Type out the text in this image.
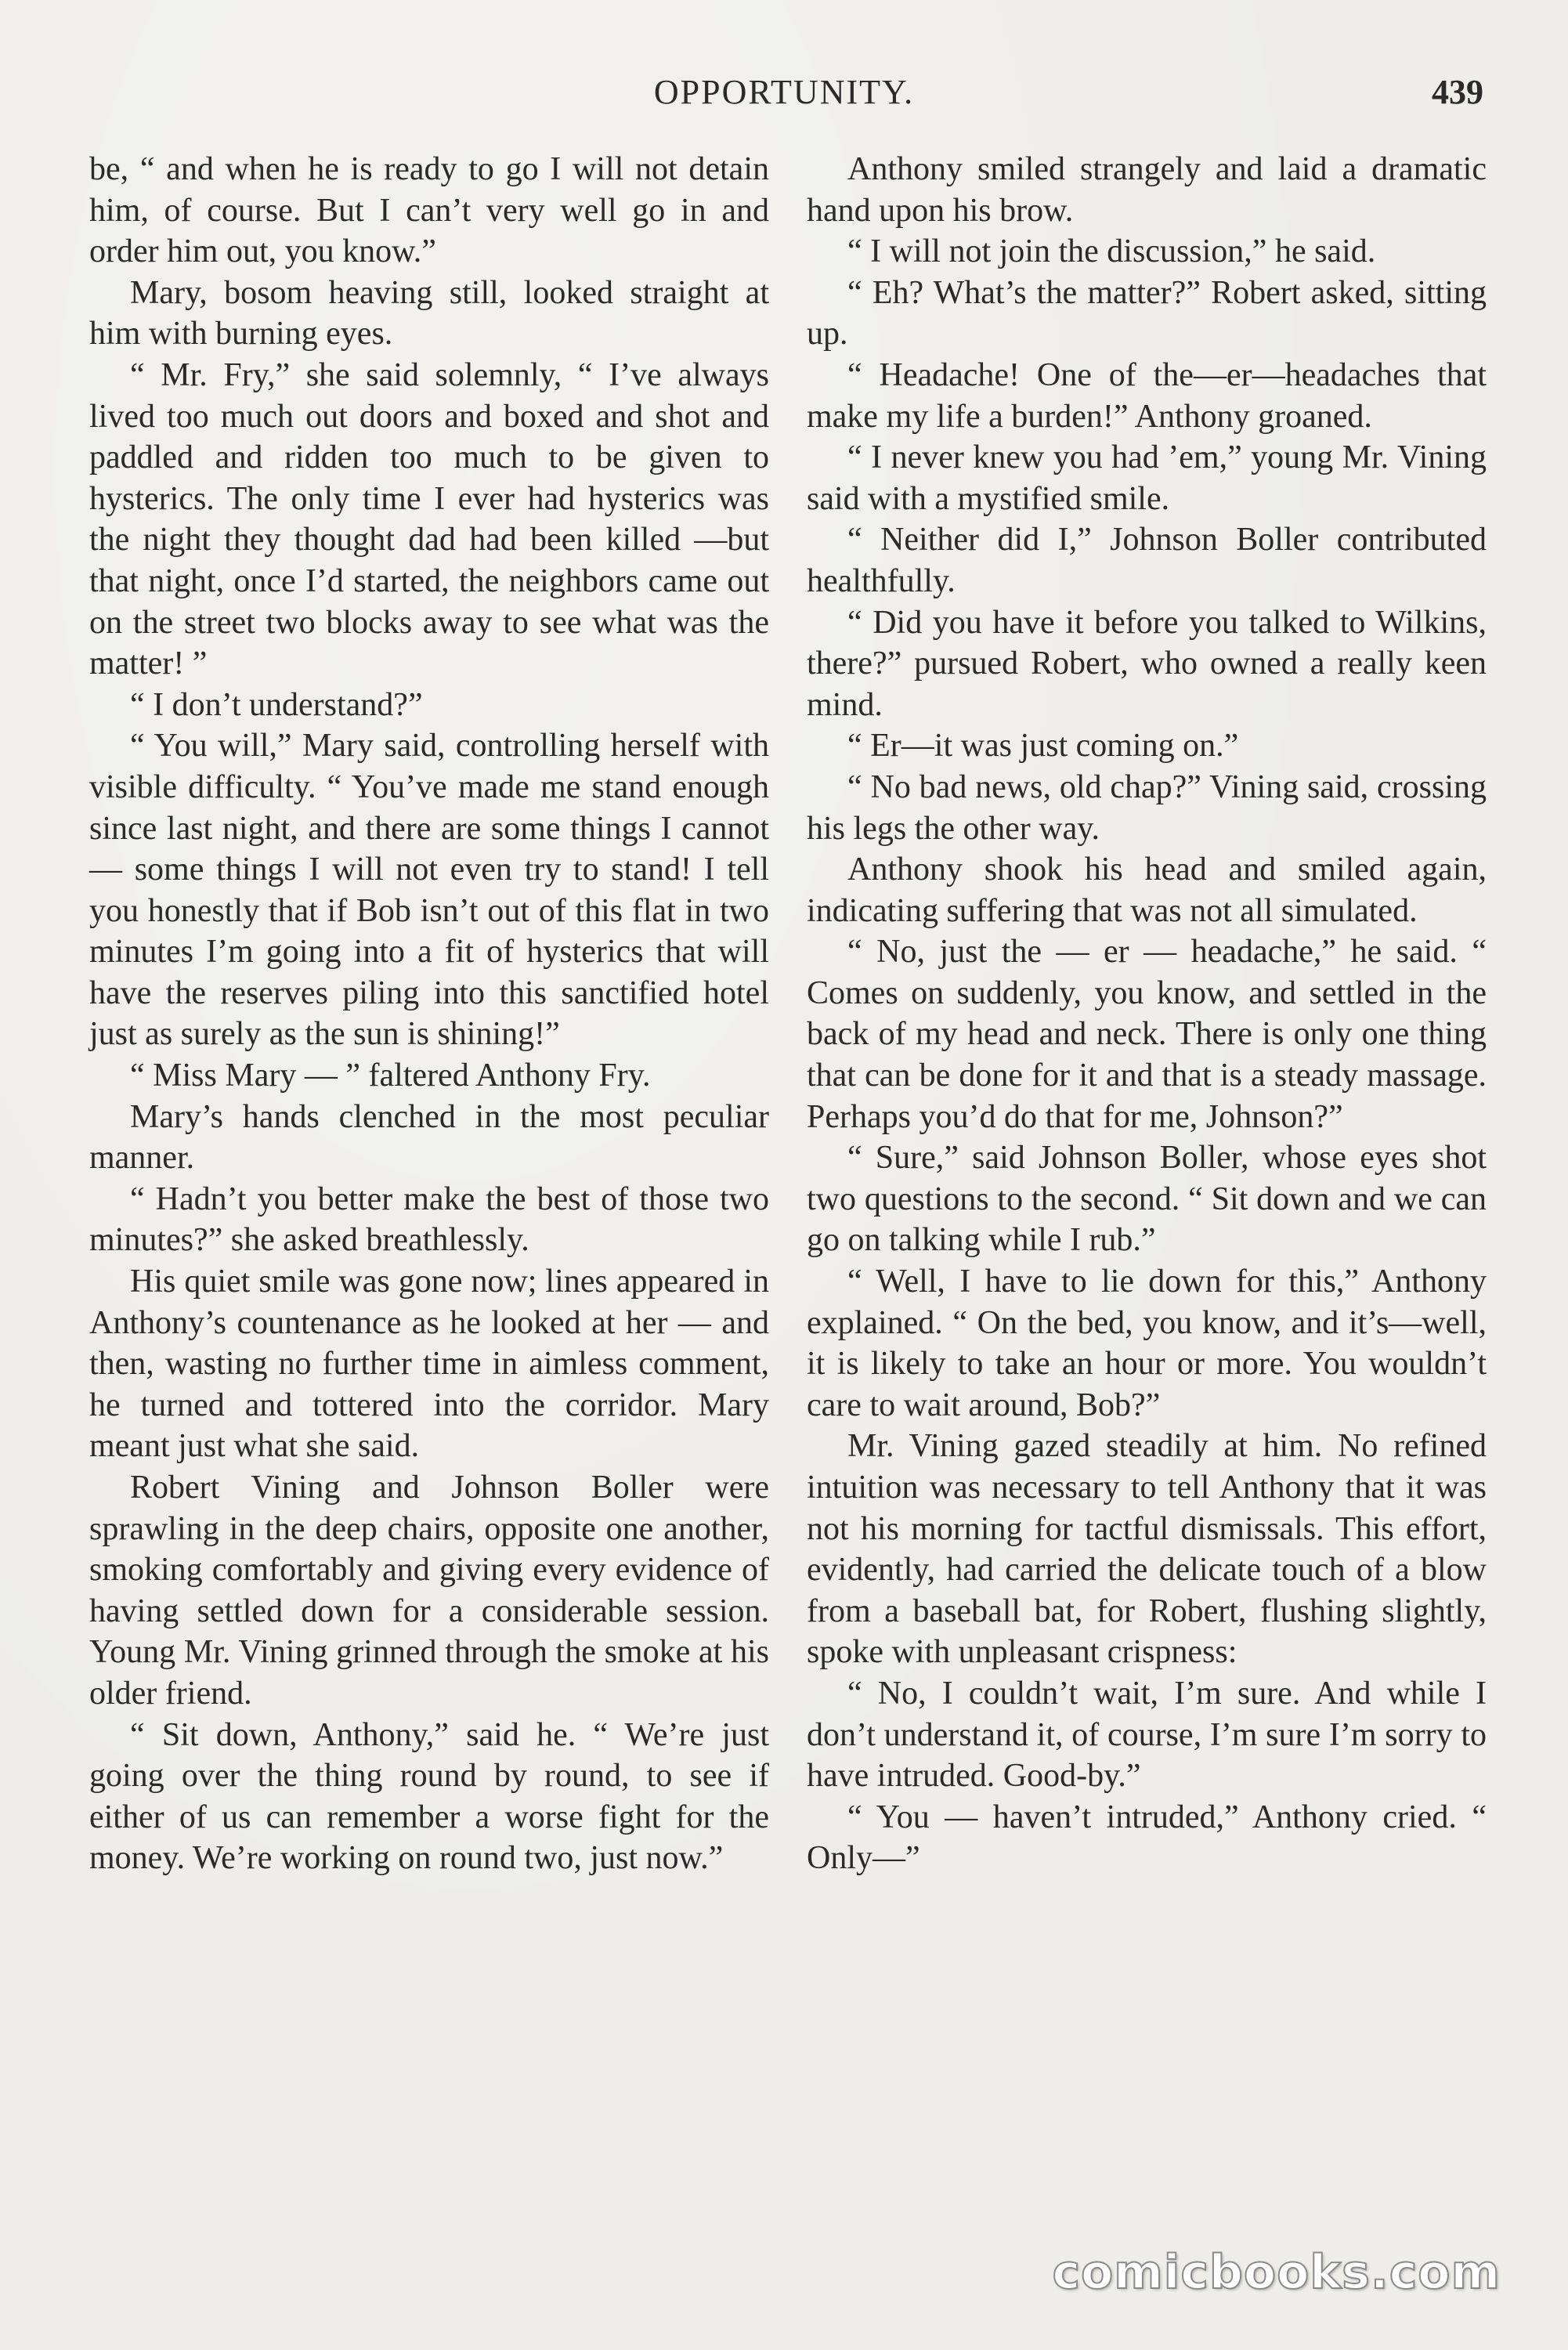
OPPORTUNITY.	439

be, “ and when he is ready to go I will not detain him, of course. But I can’t very well go in and order him out, you know.”

Mary, bosom heaving still, looked straight at him with burning eyes.

“ Mr. Fry,” she said solemnly, “ I’ve always lived too much out doors and boxed and shot and paddled and ridden too much to be given to hysterics. The only time I ever had hysterics was the night they thought dad had been killed —but that night, once I’d started, the neighbors came out on the street two blocks away to see what was the matter! ”

“ I don’t understand?”

“ You will,” Mary said, controlling herself with visible difficulty. “ You’ve made me stand enough since last night, and there are some things I cannot— some things I will not even try to stand! I tell you honestly that if Bob isn’t out of this flat in two minutes I’m going into a fit of hysterics that will have the reserves piling into this sanctified hotel just as surely as the sun is shining!”

“ Miss Mary — ” faltered Anthony Fry.

Mary’s hands clenched in the most peculiar manner.

“ Hadn’t you better make the best of those two minutes?” she asked breathlessly.

His quiet smile was gone now; lines appeared in Anthony’s countenance as he looked at her — and then, wasting no further time in aimless comment, he turned and tottered into the corridor. Mary meant just what she said.

Robert Vining and Johnson Boller were sprawling in the deep chairs, opposite one another, smoking comfortably and giving every evidence of having settled down for a considerable session. Young Mr. Vining grinned through the smoke at his older friend.

“ Sit down, Anthony,” said he. “ We’re just going over the thing round by round, to see if either of us can remember a worse fight for the money. We’re working on round two, just now.”

Anthony smiled strangely and laid a dramatic hand upon his brow.

“ I will not join the discussion,” he said.

“ Eh? What’s the matter?” Robert asked, sitting up.

“ Headache! One of the—er—headaches that make my life a burden!” Anthony groaned.

“ I never knew you had ’em,” young Mr. Vining said with a mystified smile.

“ Neither did I,” Johnson Boller contributed healthfully.

“ Did you have it before you talked to Wilkins, there?” pursued Robert, who owned a really keen mind.

“ Er—it was just coming on.”

“ No bad news, old chap?” Vining said, crossing his legs the other way.

Anthony shook his head and smiled again, indicating suffering that was not all simulated.

“ No, just the — er — headache,” he said. “ Comes on suddenly, you know, and settled in the back of my head and neck. There is only one thing that can be done for it and that is a steady massage. Perhaps you’d do that for me, Johnson?”

“ Sure,” said Johnson Boller, whose eyes shot two questions to the second. “ Sit down and we can go on talking while I rub.”

“ Well, I have to lie down for this,” Anthony explained. “ On the bed, you know, and it’s—well, it is likely to take an hour or more. You wouldn’t care to wait around, Bob?”

Mr. Vining gazed steadily at him. No refined intuition was necessary to tell Anthony that it was not his morning for tactful dismissals. This effort, evidently, had carried the delicate touch of a blow from a baseball bat, for Robert, flushing slightly, spoke with unpleasant crispness:

“ No, I couldn’t wait, I’m sure. And while I don’t understand it, of course, I’m sure I’m sorry to have intruded. Good-by.”

“ You — haven’t intruded,” Anthony cried. “ Only—”

comicbooks.com
